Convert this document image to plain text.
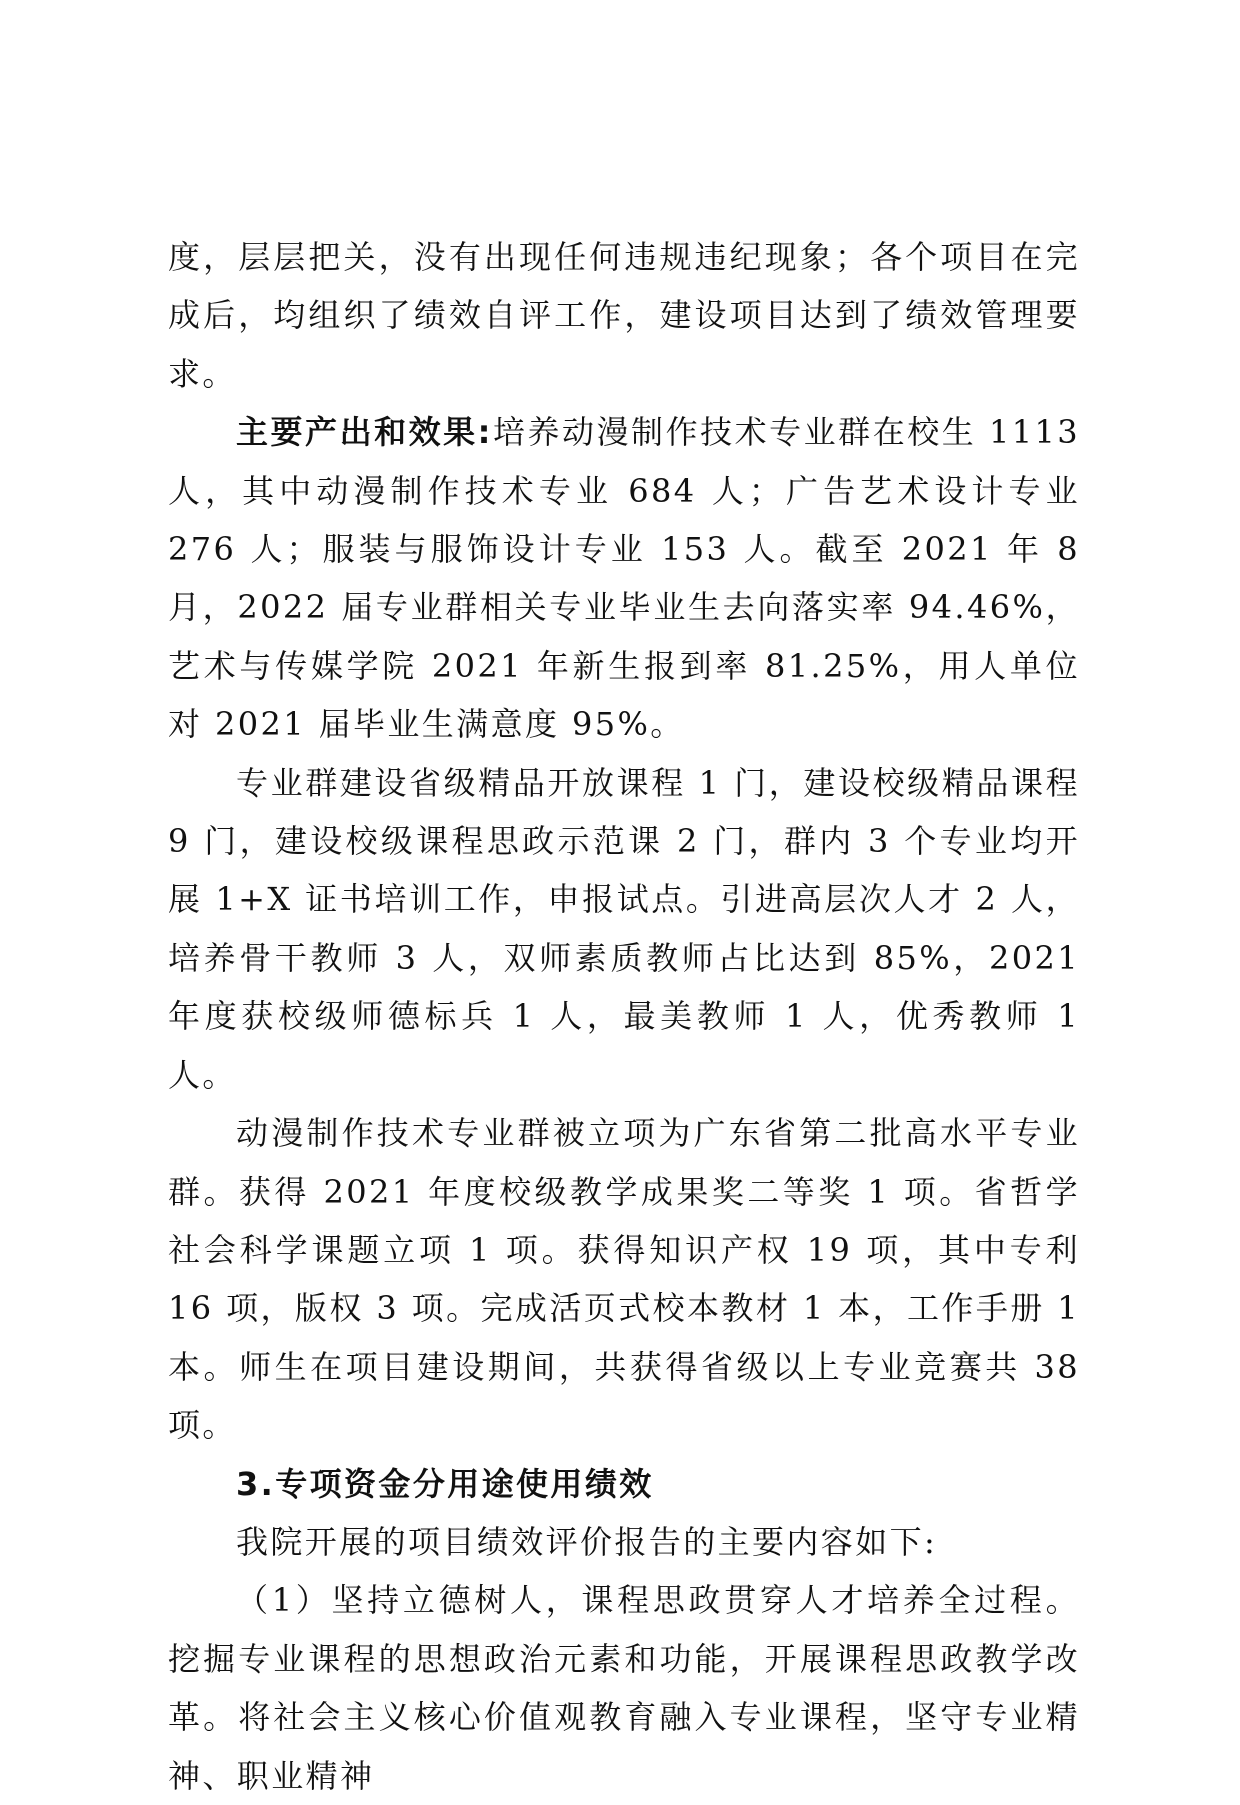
度，层层把关，没有出现任何违规违纪现象；各个项目在完成后，均组织了绩效自评工作，建设项目达到了绩效管理要求。

主要产出和效果:培养动漫制作技术专业群在校生 1113 人，其中动漫制作技术专业 684 人；广告艺术设计专业 276 人；服装与服饰设计专业 153 人。截至 2021 年 8 月，2022 届专业群相关专业毕业生去向落实率 94.46%，艺术与传媒学院 2021 年新生报到率 81.25%，用人单位对 2021 届毕业生满意度 95%。

专业群建设省级精品开放课程 1 门，建设校级精品课程 9 门，建设校级课程思政示范课 2 门，群内 3 个专业均开展 1+X 证书培训工作，申报试点。引进高层次人才 2 人，培养骨干教师 3 人，双师素质教师占比达到 85%，2021 年度获校级师德标兵 1 人，最美教师 1 人，优秀教师 1 人。

动漫制作技术专业群被立项为广东省第二批高水平专业群。获得 2021 年度校级教学成果奖二等奖 1 项。省哲学社会科学课题立项 1 项。获得知识产权 19 项，其中专利 16 项，版权 3 项。完成活页式校本教材 1 本，工作手册 1 本。师生在项目建设期间，共获得省级以上专业竞赛共 38 项。

3.专项资金分用途使用绩效

我院开展的项目绩效评价报告的主要内容如下:

（1）坚持立德树人，课程思政贯穿人才培养全过程。挖掘专业课程的思想政治元素和功能，开展课程思政教学改革。将社会主义核心价值观教育融入专业课程，坚守专业精神、职业精神
